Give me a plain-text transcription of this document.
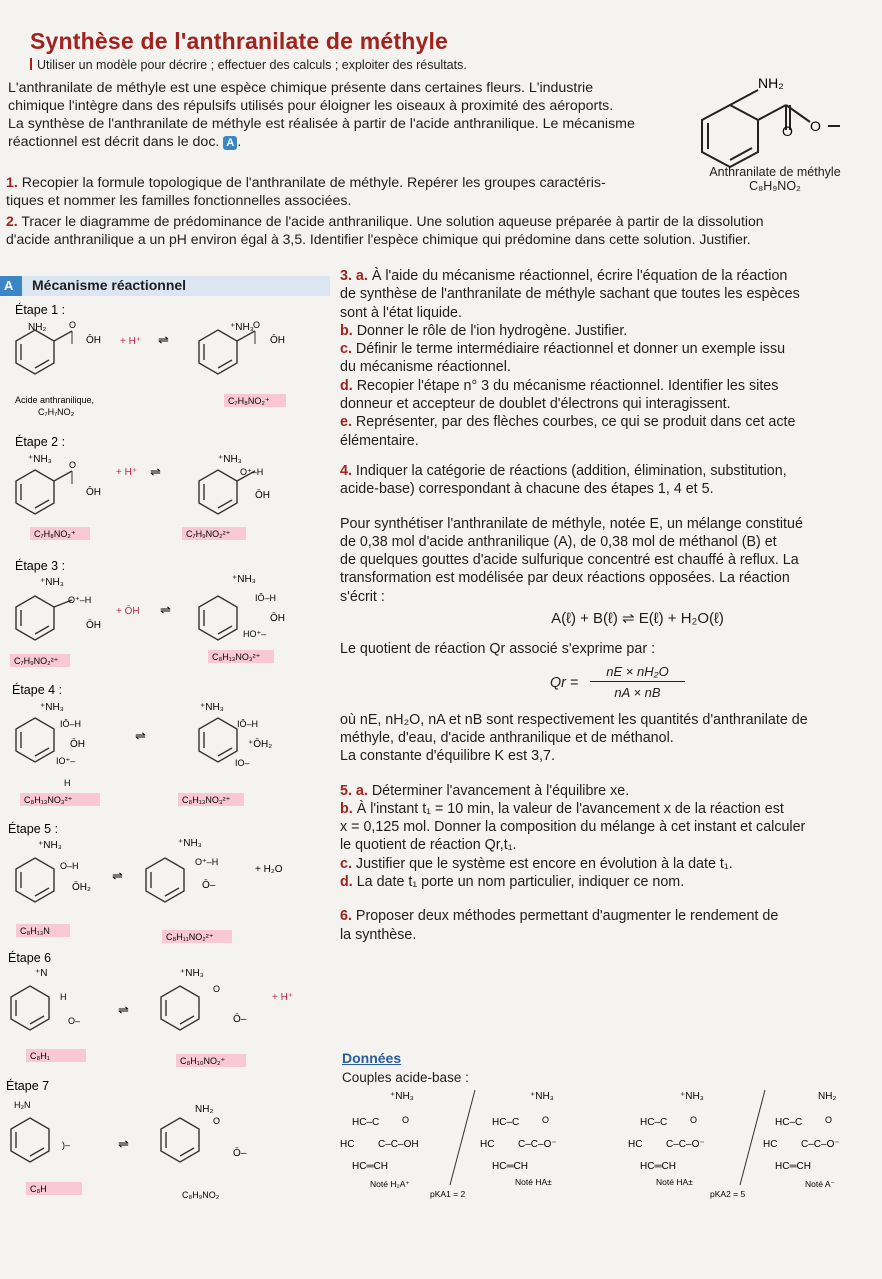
Synthèse de l'anthranilate de méthyle
Utiliser un modèle pour décrire ; effectuer des calculs ; exploiter des résultats.
L'anthranilate de méthyle est une espèce chimique présente dans certaines fleurs. L'industrie
chimique l'intègre dans des répulsifs utilisés pour éloigner les oiseaux à proximité des aéroports.
La synthèse de l'anthranilate de méthyle est réalisée à partir de l'acide anthranilique. Le mécanisme
réactionnel est décrit dans le doc. A .
NH₂
O O
Anthranilate de méthyle
C₈H₉NO₂
1. Recopier la formule topologique de l'anthranilate de méthyle. Repérer les groupes caractéris-
tiques et nommer les familles fonctionnelles associées.
2. Tracer le diagramme de prédominance de l'acide anthranilique. Une solution aqueuse préparée à partir de la dissolution
d'acide anthranilique a un pH environ égal à 3,5. Identifier l'espèce chimique qui prédomine dans cette solution. Justifier.
A Mécanisme réactionnel
Étape 1 :
NH₂	O
ŌH + H⁺ ⇌
⁺NH₃ O
ŌH
Acide anthranilique,
C₇H₇NO₂
C₇H₈NO₂⁺
Étape 2 :
⁺NH₃ O
ŌH
+ H⁺ ⇌
⁺NH₃
O⁺–H
ŌH
C₇H₈NO₂⁺	C₇H₉NO₂²⁺
Étape 3 :
⁺NH₃
O⁺–H
ŌH
+ ŌH ⇌
⁺NH₃
IŌ–H
ŌH
HO⁺–
C₇H₉NO₂²⁺	C₈H₁₃NO₃²⁺
Étape 4 :
⁺NH₃
IŌ–H
ŌH
IO⁺–
H
⇌
⁺NH₃
IŌ–H
⁺ŌH₂
IO–
C₈H₁₃NO₃²⁺	C₈H₁₃NO₃²⁺
Étape 5 :
⁺NH₃
O–H
ŌH₂
⇌
⁺NH₃
O⁺–H
Ō–
+ H₂O
C₈H₁₃N
C₈H₁₁NO₂²⁺
Étape 6
⁺N
H
O–
⇌
⁺NH₃
O
Ō–
+ H⁺
C₈H₁	C₈H₁₀NO₂⁺
Étape 7
H₂N
)–	⇌
NH₂
O
Ō–
C₈H
C₈H₉NO₂

3. a. À l'aide du mécanisme réactionnel, écrire l'équation de la réaction

de synthèse de l'anthranilate de méthyle sachant que toutes les espèces

sont à l'état liquide.

b. Donner le rôle de l'ion hydrogène. Justifier.

c. Définir le terme intermédiaire réactionnel et donner un exemple issu

du mécanisme réactionnel.

d. Recopier l'étape n° 3 du mécanisme réactionnel. Identifier les sites

donneur et accepteur de doublet d'électrons qui interagissent.

e. Représenter, par des flèches courbes, ce qui se produit dans cet acte

élémentaire.

4. Indiquer la catégorie de réactions (addition, élimination, substitution,

acide-base) correspondant à chacune des étapes 1, 4 et 5.

Pour synthétiser l'anthranilate de méthyle, notée E, un mélange constitué

de 0,38 mol d'acide anthranilique (A), de 0,38 mol de méthanol (B) et

de quelques gouttes d'acide sulfurique concentré est chauffé à reflux. La

transformation est modélisée par deux réactions opposées. La réaction

s'écrit :

A(ℓ) + B(ℓ) ⇌ E(ℓ) + H₂O(ℓ)

Le quotient de réaction Qr associé s'exprime par :

Qr =
nE × nH₂O
nA × nB

où nE, nH₂O, nA et nB sont respectivement les quantités d'anthranilate de

méthyle, d'eau, d'acide anthranilique et de méthanol.

La constante d'équilibre K est 3,7.

5. a. Déterminer l'avancement à l'équilibre xe.

b. À l'instant t₁ = 10 min, la valeur de l'avancement x de la réaction est

x = 0,125 mol. Donner la composition du mélange à cet instant et calculer

le quotient de réaction Qr,t₁.

c. Justifier que le système est encore en évolution à la date t₁.

d. La date t₁ porte un nom particulier, indiquer ce nom.

6. Proposer deux méthodes permettant d'augmenter le rendement de

la synthèse.

Données
Couples acide-base :
⁺NH₃
HC–C
HC C–C–OH
O
HC═CH
Noté H₂A⁺
pKA1 = 2
⁺NH₃
HC–C
HC C–C–O⁻
O
HC═CH
Noté HA±
⁺NH₃
HC–C
HC C–C–O⁻
O
HC═CH
Noté HA±
pKA2 = 5
NH₂
HC–C
HC C–C–O⁻
O
HC═CH
Noté A⁻
